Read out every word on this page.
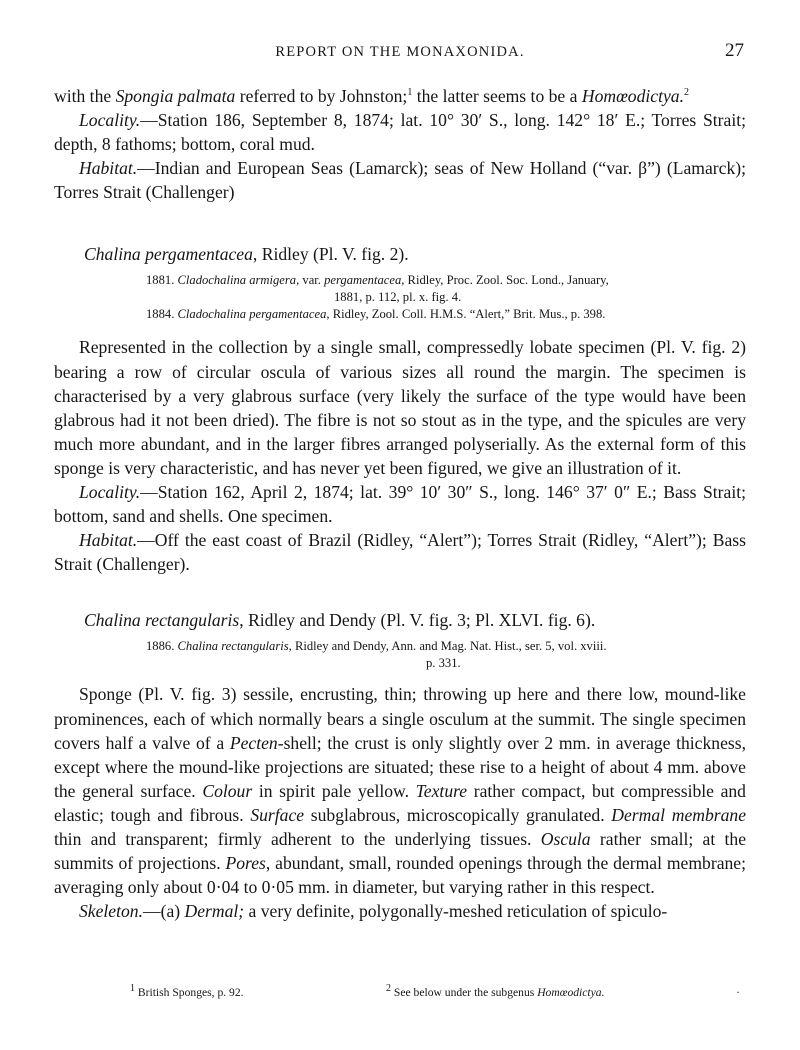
REPORT ON THE MONAXONIDA.	27

with the Spongia palmata referred to by Johnston;$^1$ the latter seems to be a Homœodictya.$^2$

Locality.—Station 186, September 8, 1874; lat. 10° 30′ S., long. 142° 18′ E.; Torres Strait; depth, 8 fathoms; bottom, coral mud.

Habitat.—Indian and European Seas (Lamarck); seas of New Holland (“var. β”) (Lamarck); Torres Strait (Challenger)

Chalina pergamentacea, Ridley (Pl. V. fig. 2).

1881. Cladochalina armigera, var. pergamentacea, Ridley, Proc. Zool. Soc. Lond., January,

1881, p. 112, pl. x. fig. 4.

1884. Cladochalina pergamentacea, Ridley, Zool. Coll. H.M.S. “Alert,” Brit. Mus., p. 398.

Represented in the collection by a single small, compressedly lobate specimen (Pl. V. fig. 2) bearing a row of circular oscula of various sizes all round the margin. The specimen is characterised by a very glabrous surface (very likely the surface of the type would have been glabrous had it not been dried). The fibre is not so stout as in the type, and the spicules are very much more abundant, and in the larger fibres arranged polyserially. As the external form of this sponge is very characteristic, and has never yet been figured, we give an illustration of it.

Locality.—Station 162, April 2, 1874; lat. 39° 10′ 30″ S., long. 146° 37′ 0″ E.; Bass Strait; bottom, sand and shells. One specimen.

Habitat.—Off the east coast of Brazil (Ridley, “Alert”); Torres Strait (Ridley, “Alert”); Bass Strait (Challenger).

Chalina rectangularis, Ridley and Dendy (Pl. V. fig. 3; Pl. XLVI. fig. 6).

1886. Chalina rectangularis, Ridley and Dendy, Ann. and Mag. Nat. Hist., ser. 5, vol. xviii.

p. 331.

Sponge (Pl. V. fig. 3) sessile, encrusting, thin; throwing up here and there low, mound-like prominences, each of which normally bears a single osculum at the summit. The single specimen covers half a valve of a Pecten-shell; the crust is only slightly over 2 mm. in average thickness, except where the mound-like projections are situated; these rise to a height of about 4 mm. above the general surface. Colour in spirit pale yellow. Texture rather compact, but compressible and elastic; tough and fibrous. Surface subglabrous, microscopically granulated. Dermal membrane thin and transparent; firmly adherent to the underlying tissues. Oscula rather small; at the summits of projections. Pores, abundant, small, rounded openings through the dermal membrane; averaging only about 0·04 to 0·05 mm. in diameter, but varying rather in this respect.

Skeleton.—(a) Dermal; a very definite, polygonally-meshed reticulation of spiculo-

$^1$ British Sponges, p. 92.	$^2$ See below under the subgenus Homœodictya.	·
